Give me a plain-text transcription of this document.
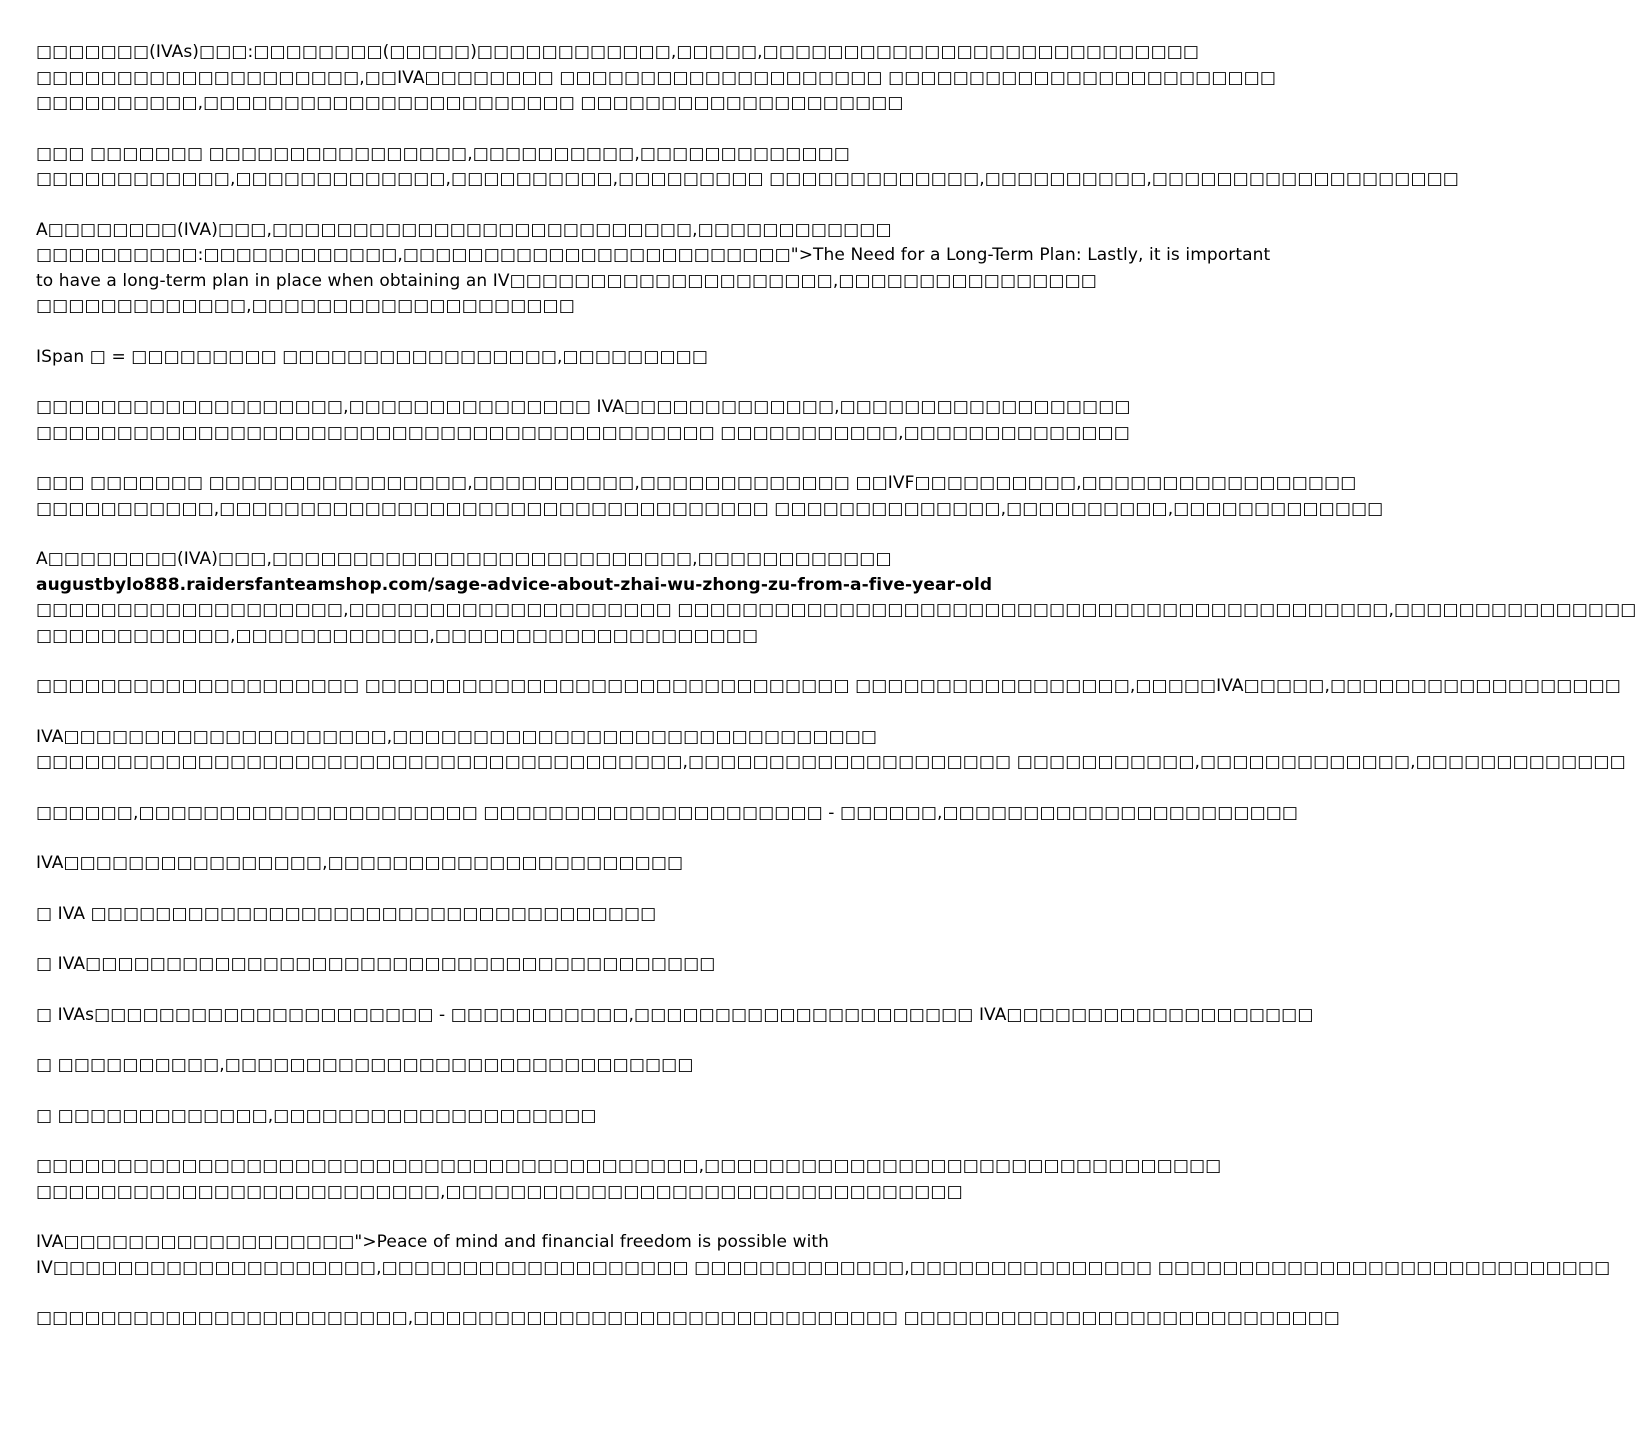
□□□□□□□(IVAs)□□□:□□□□□□□□(□□□□□)□□□□□□□□□□□□,□□□□□,□□□□□□□□□□□□□□□□□□□□□□□□□□□
□□□□□□□□□□□□□□□□□□□□,□□IVA□□□□□□□□ □□□□□□□□□□□□□□□□□□□□ □□□□□□□□□□□□□□□□□□□□□□□□
□□□□□□□□□□,□□□□□□□□□□□□□□□□□□□□□□□ □□□□□□□□□□□□□□□□□□□□

□□□ □□□□□□□ □□□□□□□□□□□□□□□□,□□□□□□□□□□,□□□□□□□□□□□□□
□□□□□□□□□□□□,□□□□□□□□□□□□□,□□□□□□□□□□,□□□□□□□□□ □□□□□□□□□□□□□,□□□□□□□□□□,□□□□□□□□□□□□□□□□□□□

A□□□□□□□□(IVA)□□□,□□□□□□□□□□□□□□□□□□□□□□□□□□,□□□□□□□□□□□□
□□□□□□□□□□:□□□□□□□□□□□□,□□□□□□□□□□□□□□□□□□□□□□□□">The Need for a Long-Term Plan: Lastly, it is important
to have a long-term plan in place when obtaining an IV□□□□□□□□□□□□□□□□□□□□,□□□□□□□□□□□□□□□□
□□□□□□□□□□□□□,□□□□□□□□□□□□□□□□□□□□

ISpan □ = □□□□□□□□□ □□□□□□□□□□□□□□□□□,□□□□□□□□□

□□□□□□□□□□□□□□□□□□□,□□□□□□□□□□□□□□□ IVA□□□□□□□□□□□□□,□□□□□□□□□□□□□□□□□□
□□□□□□□□□□□□□□□□□□□□□□□□□□□□□□□□□□□□□□□□□□ □□□□□□□□□□□,□□□□□□□□□□□□□□

□□□ □□□□□□□ □□□□□□□□□□□□□□□□,□□□□□□□□□□,□□□□□□□□□□□□□ □□IVF□□□□□□□□□□,□□□□□□□□□□□□□□□□□
□□□□□□□□□□□,□□□□□□□□□□□□□□□□□□□□□□□□□□□□□□□□□□ □□□□□□□□□□□□□□,□□□□□□□□□□,□□□□□□□□□□□□□

A□□□□□□□□(IVA)□□□,□□□□□□□□□□□□□□□□□□□□□□□□□□,□□□□□□□□□□□□
augustbylo888.raidersfanteamshop.com/sage-advice-about-zhai-wu-zhong-zu-from-a-five-year-old
□□□□□□□□□□□□□□□□□□□,□□□□□□□□□□□□□□□□□□□□ □□□□□□□□□□□□□□□□□□□□□□□□□□□□□□□□□□□□□□□□□□□□,□□□□□□□□□□□□□□□
□□□□□□□□□□□□,□□□□□□□□□□□□,□□□□□□□□□□□□□□□□□□□□

□□□□□□□□□□□□□□□□□□□□ □□□□□□□□□□□□□□□□□□□□□□□□□□□□□□ □□□□□□□□□□□□□□□□□,□□□□□IVA□□□□□,□□□□□□□□□□□□□□□□□□

IVA□□□□□□□□□□□□□□□□□□□□,□□□□□□□□□□□□□□□□□□□□□□□□□□□□□□
□□□□□□□□□□□□□□□□□□□□□□□□□□□□□□□□□□□□□□□□,□□□□□□□□□□□□□□□□□□□□ □□□□□□□□□□□,□□□□□□□□□□□□□,□□□□□□□□□□□□□

□□□□□□,□□□□□□□□□□□□□□□□□□□□□ □□□□□□□□□□□□□□□□□□□□□ - □□□□□□,□□□□□□□□□□□□□□□□□□□□□□

IVA□□□□□□□□□□□□□□□□,□□□□□□□□□□□□□□□□□□□□□□

□ IVA □□□□□□□□□□□□□□□□□□□□□□□□□□□□□□□□□□□

□ IVA□□□□□□□□□□□□□□□□□□□□□□□□□□□□□□□□□□□□□□□

□ IVAs□□□□□□□□□□□□□□□□□□□□□ - □□□□□□□□□□□,□□□□□□□□□□□□□□□□□□□□□ IVA□□□□□□□□□□□□□□□□□□□

□ □□□□□□□□□□,□□□□□□□□□□□□□□□□□□□□□□□□□□□□□

□ □□□□□□□□□□□□□,□□□□□□□□□□□□□□□□□□□□

□□□□□□□□□□□□□□□□□□□□□□□□□□□□□□□□□□□□□□□□□,□□□□□□□□□□□□□□□□□□□□□□□□□□□□□□□□
□□□□□□□□□□□□□□□□□□□□□□□□□,□□□□□□□□□□□□□□□□□□□□□□□□□□□□□□□□

IVA□□□□□□□□□□□□□□□□□□">Peace of mind and financial freedom is possible with
IV□□□□□□□□□□□□□□□□□□□□,□□□□□□□□□□□□□□□□□□□ □□□□□□□□□□□□□,□□□□□□□□□□□□□□□ □□□□□□□□□□□□□□□□□□□□□□□□□□□□

□□□□□□□□□□□□□□□□□□□□□□□,□□□□□□□□□□□□□□□□□□□□□□□□□□□□□□ □□□□□□□□□□□□□□□□□□□□□□□□□□□
